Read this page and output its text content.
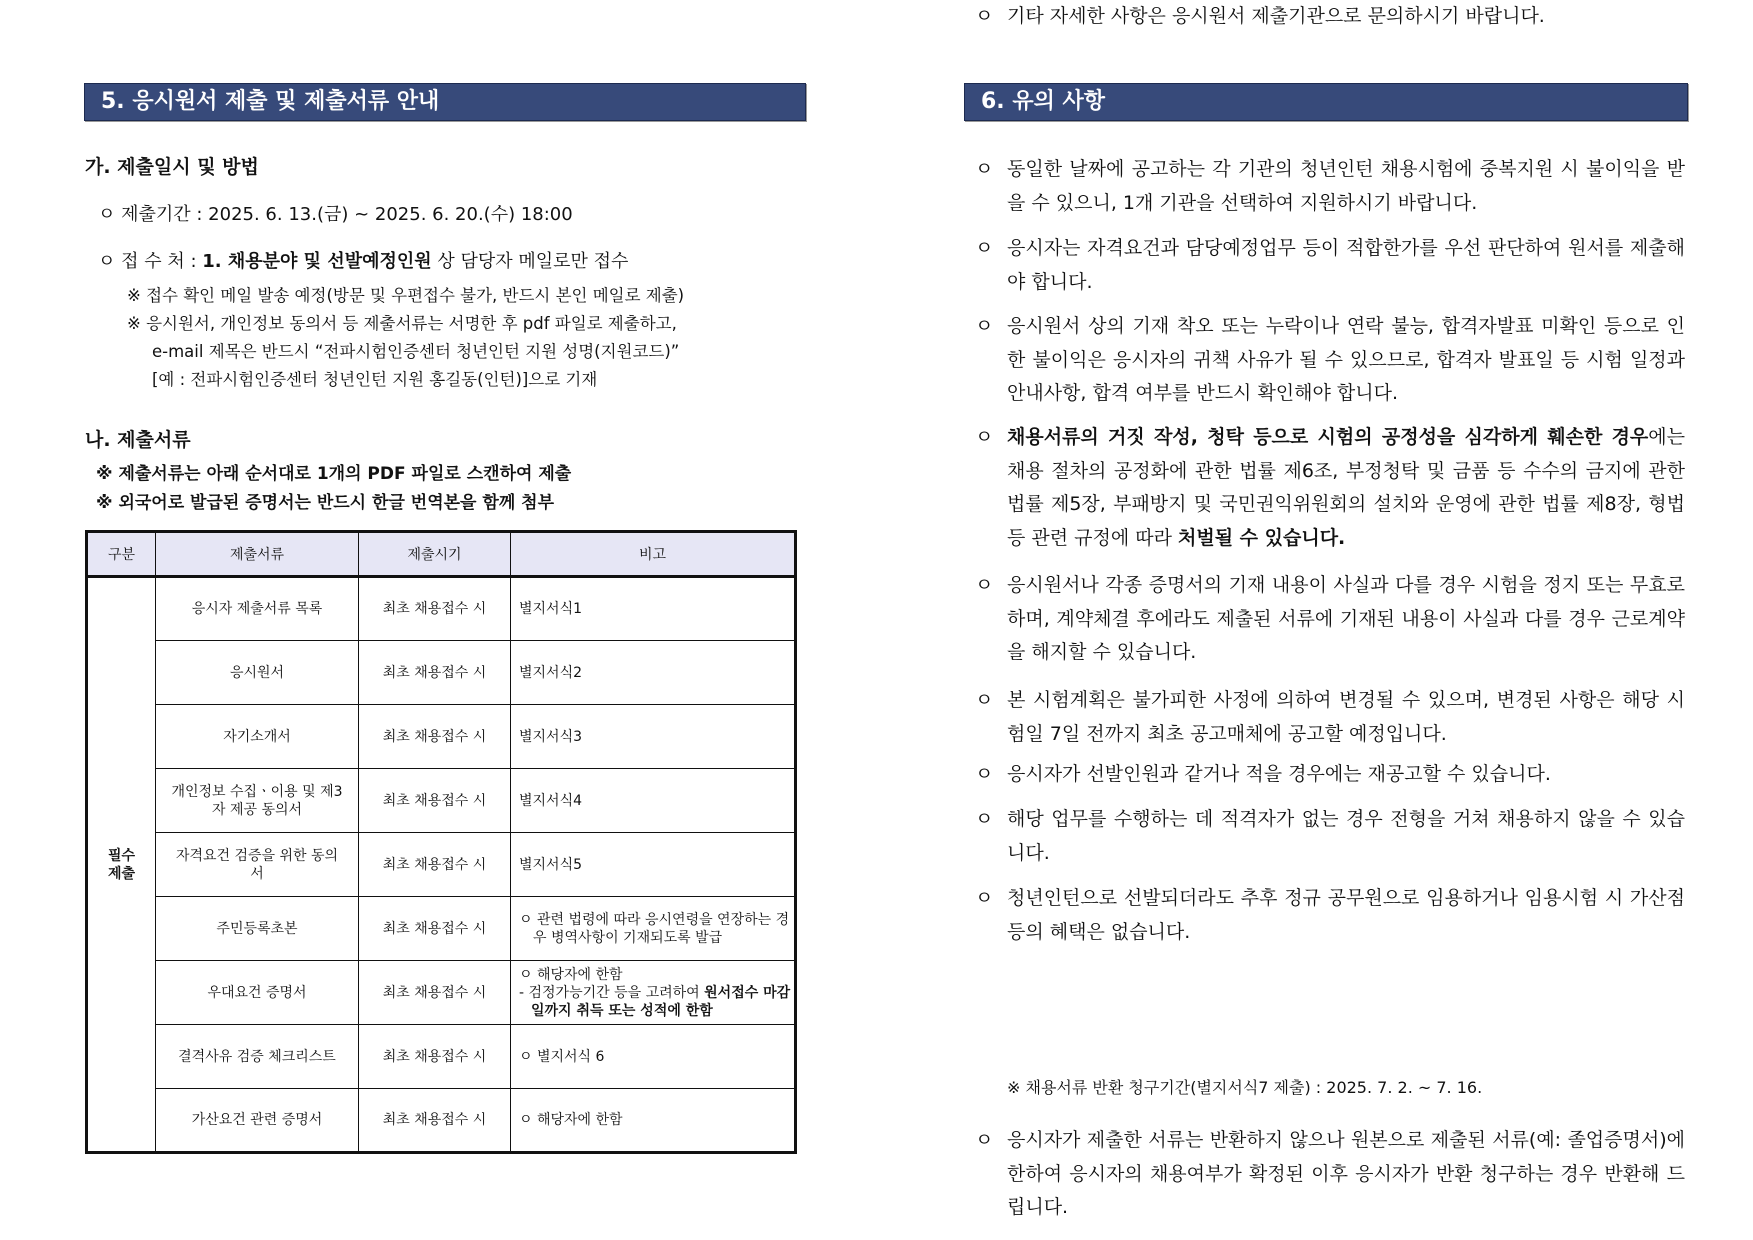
5. 응시원서 제출 및 제출서류 안내
가. 제출일시 및 방법
ㅇ 제출기간 : 2025. 6. 13.(금) ~ 2025. 6. 20.(수) 18:00
ㅇ 접 수 처 : 1. 채용분야 및 선발예정인원 상 담당자 메일로만 접수
※ 접수 확인 메일 발송 예정(방문 및 우편접수 불가, 반드시 본인 메일로 제출)
※ 응시원서, 개인정보 동의서 등 제출서류는 서명한 후 pdf 파일로 제출하고,
e-mail 제목은 반드시 “전파시험인증센터 청년인턴 지원 성명(지원코드)”
[예 : 전파시험인증센터 청년인턴 지원 홍길동(인턴)]으로 기재
나. 제출서류
※ 제출서류는 아래 순서대로 1개의 PDF 파일로 스캔하여 제출
※ 외국어로 발급된 증명서는 반드시 한글 번역본을 함께 첨부
구분	제출서류	제출시기	비고
필수
제출	응시자 제출서류 목록	최초 채용접수 시	별지서식1
	응시원서	최초 채용접수 시	별지서식2
	자기소개서	최초 채용접수 시	별지서식3
	개인정보 수집ㆍ이용 및 제3자 제공 동의서	최초 채용접수 시	별지서식4
	자격요건 검증을 위한 동의서	최초 채용접수 시	별지서식5
	주민등록초본	최초 채용접수 시	ㅇ 관련 법령에 따라 응시연령을 연장하는 경우 병역사항이 기재되도록 발급
	우대요건 증명서	최초 채용접수 시	ㅇ 해당자에 한함
- 검정가능기간 등을 고려하여 원서접수 마감일까지 취득 또는 성적에 한함

	결격사유 검증 체크리스트	최초 채용접수 시	ㅇ 별지서식 6
	가산요건 관련 증명서	최초 채용접수 시	ㅇ 해당자에 한함
6. 유의 사항
ㅇ 동일한 날짜에 공고하는 각 기관의 청년인턴 채용시험에 중복지원 시 불이익을 받을 수 있으니, 1개 기관을 선택하여 지원하시기 바랍니다.
ㅇ 응시자는 자격요건과 담당예정업무 등이 적합한가를 우선 판단하여 원서를 제출해야 합니다.
ㅇ 응시원서 상의 기재 착오 또는 누락이나 연락 불능, 합격자발표 미확인 등으로 인한 불이익은 응시자의 귀책 사유가 될 수 있으므로, 합격자 발표일 등 시험 일정과 안내사항, 합격 여부를 반드시 확인해야 합니다.
ㅇ 채용서류의 거짓 작성, 청탁 등으로 시험의 공정성을 심각하게 훼손한 경우에는 채용 절차의 공정화에 관한 법률 제6조, 부정청탁 및 금품 등 수수의 금지에 관한 법률 제5장, 부패방지 및 국민권익위원회의 설치와 운영에 관한 법률 제8장, 형법 등 관련 규정에 따라 처벌될 수 있습니다.
ㅇ 응시원서나 각종 증명서의 기재 내용이 사실과 다를 경우 시험을 정지 또는 무효로 하며, 계약체결 후에라도 제출된 서류에 기재된 내용이 사실과 다를 경우 근로계약을 해지할 수 있습니다.
ㅇ 본 시험계획은 불가피한 사정에 의하여 변경될 수 있으며, 변경된 사항은 해당 시험일 7일 전까지 최초 공고매체에 공고할 예정입니다.
ㅇ 응시자가 선발인원과 같거나 적을 경우에는 재공고할 수 있습니다.
ㅇ 해당 업무를 수행하는 데 적격자가 없는 경우 전형을 거쳐 채용하지 않을 수 있습니다.
ㅇ 청년인턴으로 선발되더라도 추후 정규 공무원으로 임용하거나 임용시험 시 가산점 등의 혜택은 없습니다.
ㅇ 응시자가 제출한 서류는 반환하지 않으나 원본으로 제출된 서류(예: 졸업증명서)에 한하여 응시자의 채용여부가 확정된 이후 응시자가 반환 청구하는 경우 반환해 드립니다.
ㅇ 기타 자세한 사항은 응시원서 제출기관으로 문의하시기 바랍니다.
※ 채용서류 반환 청구기간(별지서식7 제출) : 2025. 7. 2. ~ 7. 16.
